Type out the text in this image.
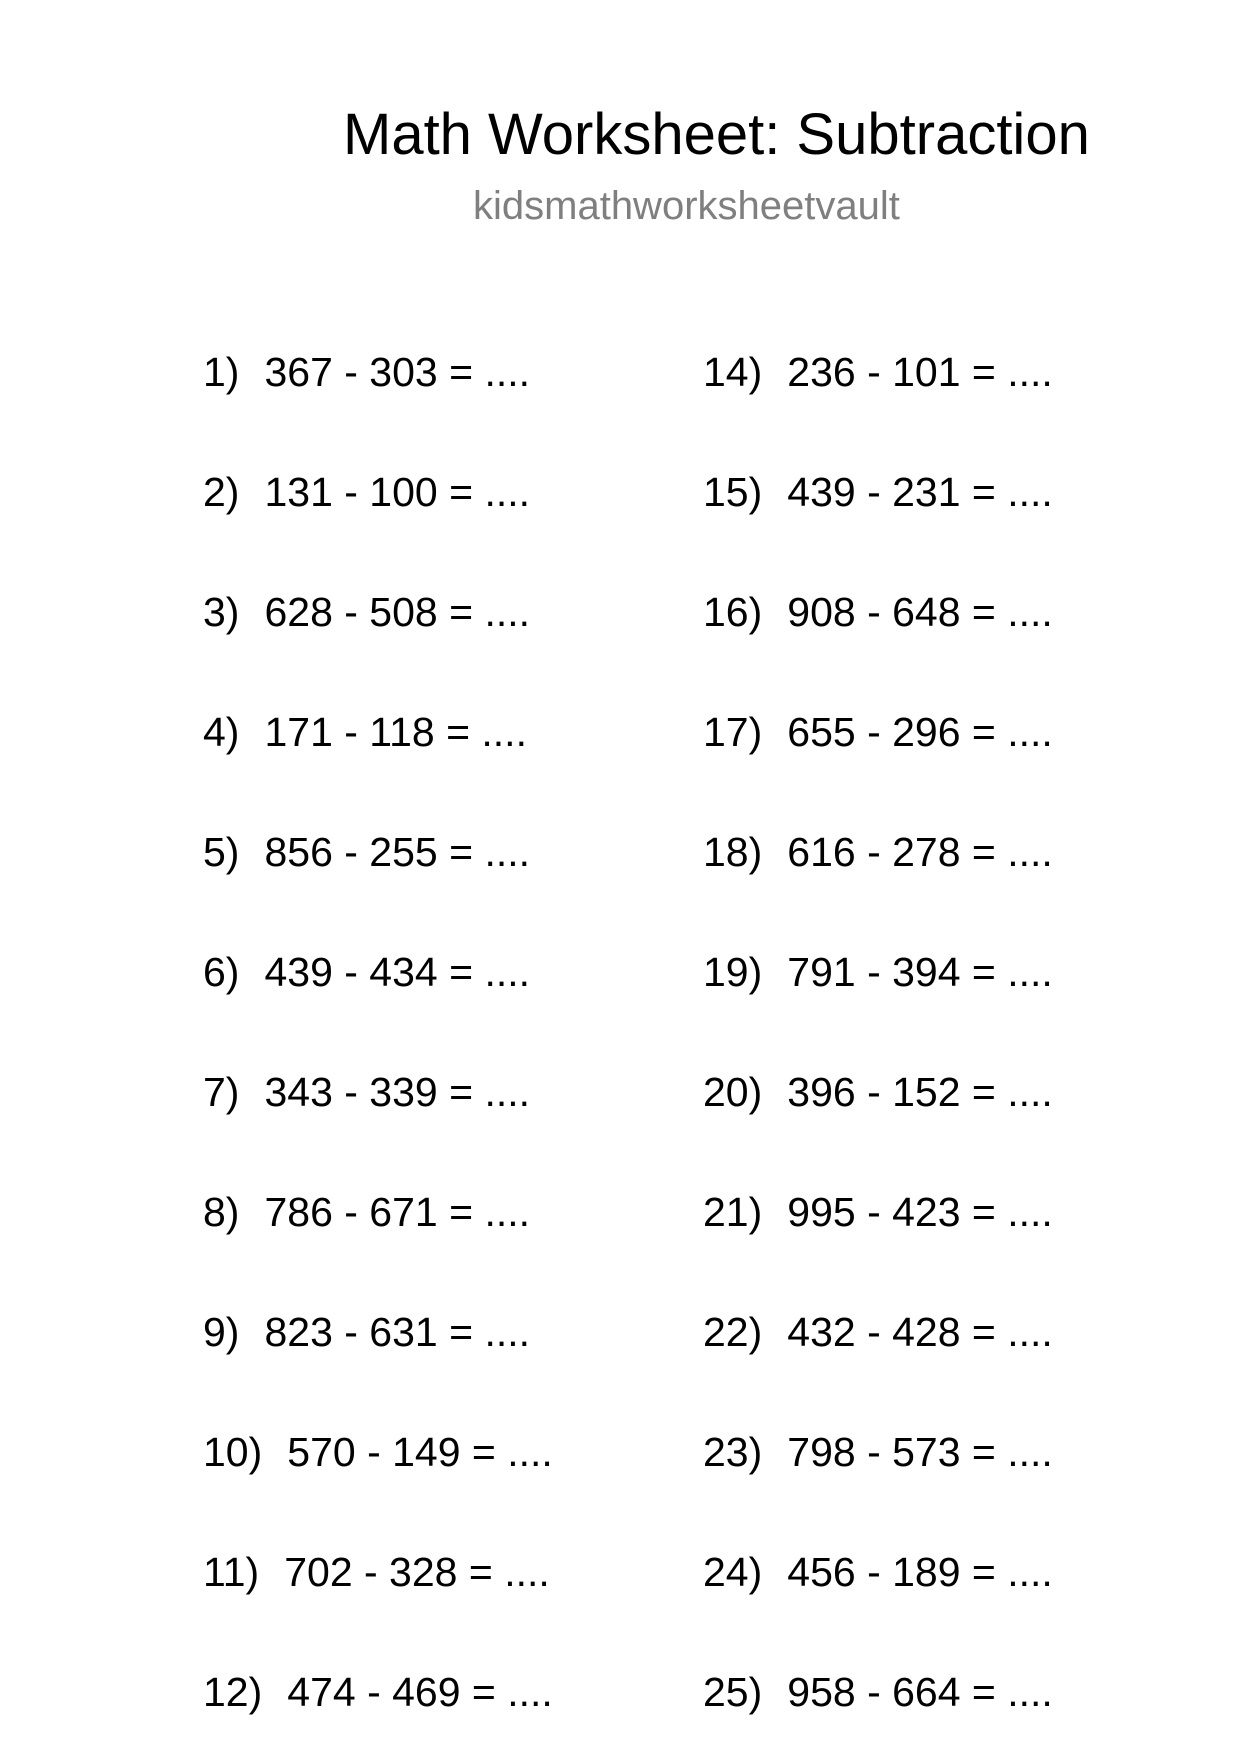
Math Worksheet: Subtraction
kidsmathworksheetvault
1) 367 - 303 = ....
2) 131 - 100 = ....
3) 628 - 508 = ....
4) 171 - 118 = ....
5) 856 - 255 = ....
6) 439 - 434 = ....
7) 343 - 339 = ....
8) 786 - 671 = ....
9) 823 - 631 = ....
10) 570 - 149 = ....
11) 702 - 328 = ....
12) 474 - 469 = ....
14) 236 - 101 = ....
15) 439 - 231 = ....
16) 908 - 648 = ....
17) 655 - 296 = ....
18) 616 - 278 = ....
19) 791 - 394 = ....
20) 396 - 152 = ....
21) 995 - 423 = ....
22) 432 - 428 = ....
23) 798 - 573 = ....
24) 456 - 189 = ....
25) 958 - 664 = ....
